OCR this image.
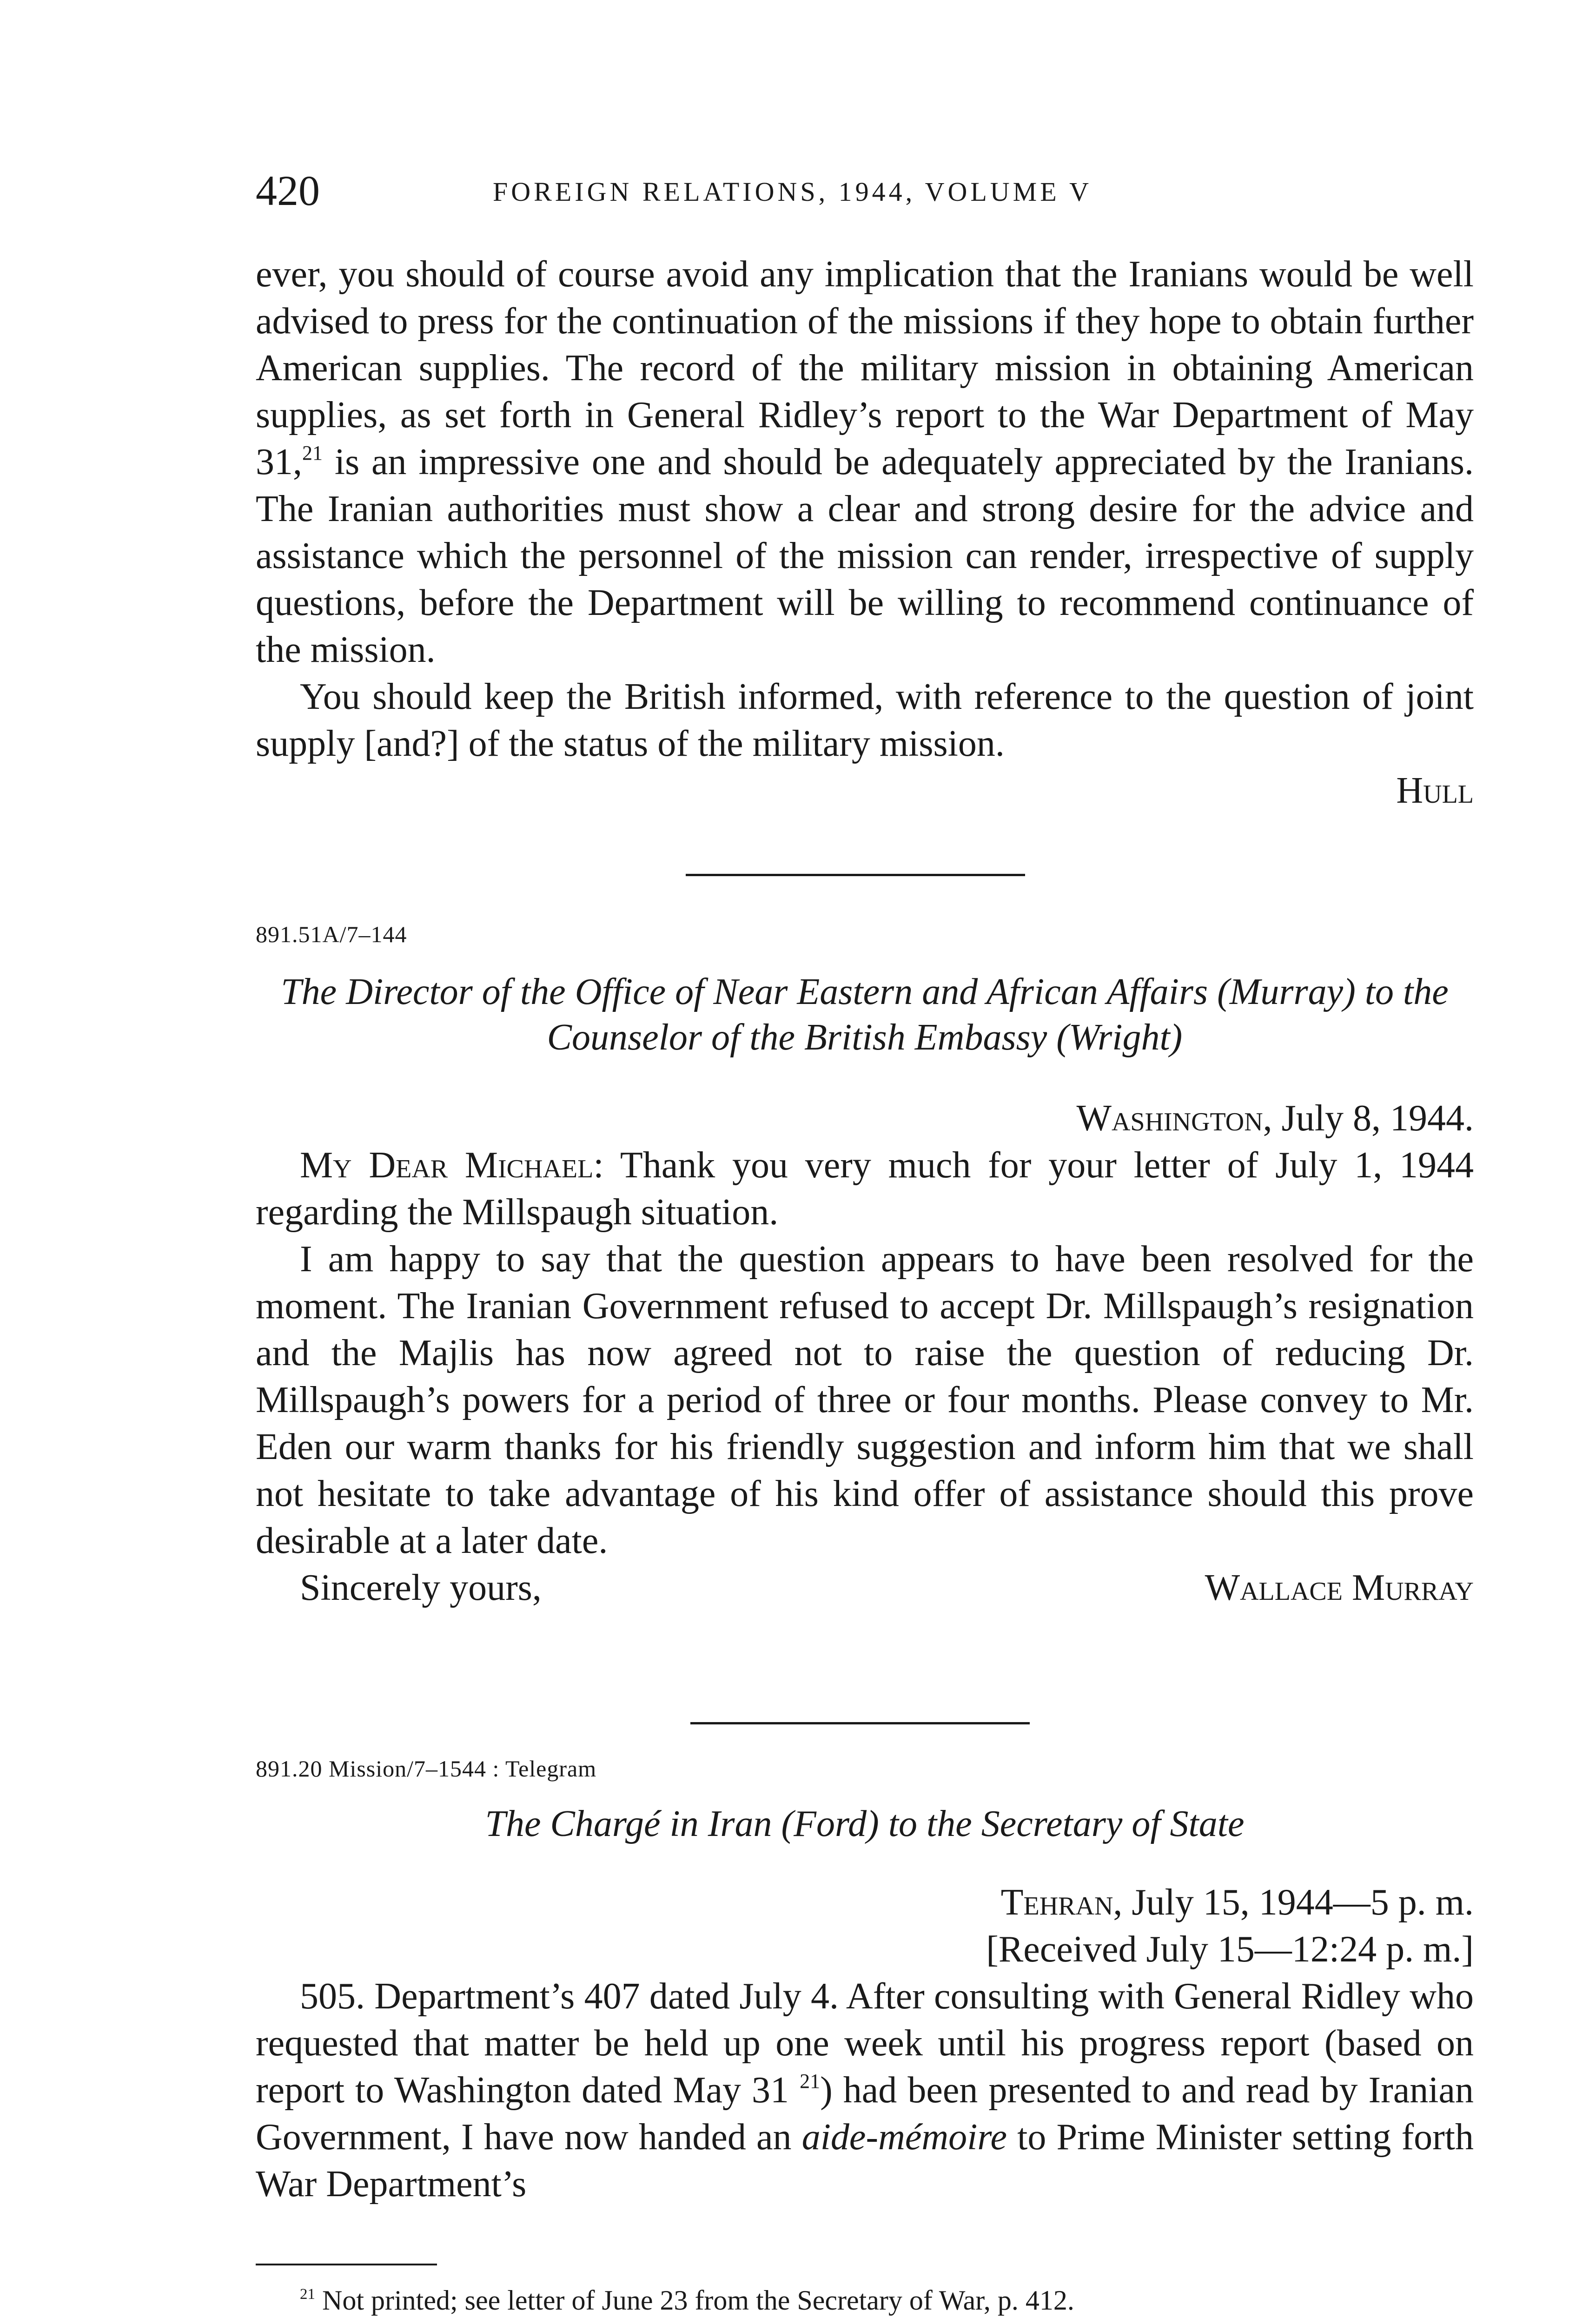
420	FOREIGN RELATIONS, 1944, VOLUME V

ever, you should of course avoid any implication that the Iranians would be well advised to press for the continuation of the missions if they hope to obtain further American supplies. The record of the military mission in obtaining American supplies, as set forth in General Ridley’s report to the War Department of May 31,21 is an impressive one and should be adequately appreciated by the Iranians. The Iranian authorities must show a clear and strong desire for the advice and assistance which the personnel of the mission can render, irrespective of supply questions, before the Department will be willing to recommend continuance of the mission.

You should keep the British informed, with reference to the question of joint supply [and?] of the status of the military mission.

Hull

891.51A/7–144

The Director of the Office of Near Eastern and African Affairs (Murray) to the Counselor of the British Embassy (Wright)

Washington, July 8, 1944.

My Dear Michael: Thank you very much for your letter of July 1, 1944 regarding the Millspaugh situation.

I am happy to say that the question appears to have been resolved for the moment. The Iranian Government refused to accept Dr. Millspaugh’s resignation and the Majlis has now agreed not to raise the question of reducing Dr. Millspaugh’s powers for a period of three or four months. Please convey to Mr. Eden our warm thanks for his friendly suggestion and inform him that we shall not hesitate to take advantage of his kind offer of assistance should this prove desirable at a later date.

Sincerely yours,	Wallace Murray

891.20 Mission/7–1544 : Telegram

The Chargé in Iran (Ford) to the Secretary of State

Tehran, July 15, 1944—5 p. m.

[Received July 15—12:24 p. m.]

505. Department’s 407 dated July 4. After consulting with General Ridley who requested that matter be held up one week until his progress report (based on report to Washington dated May 31 $^{21}$) had been presented to and read by Iranian Government, I have now handed an aide-mémoire to Prime Minister setting forth War Department’s

$^{21}$ Not printed; see letter of June 23 from the Secretary of War, p. 412.
